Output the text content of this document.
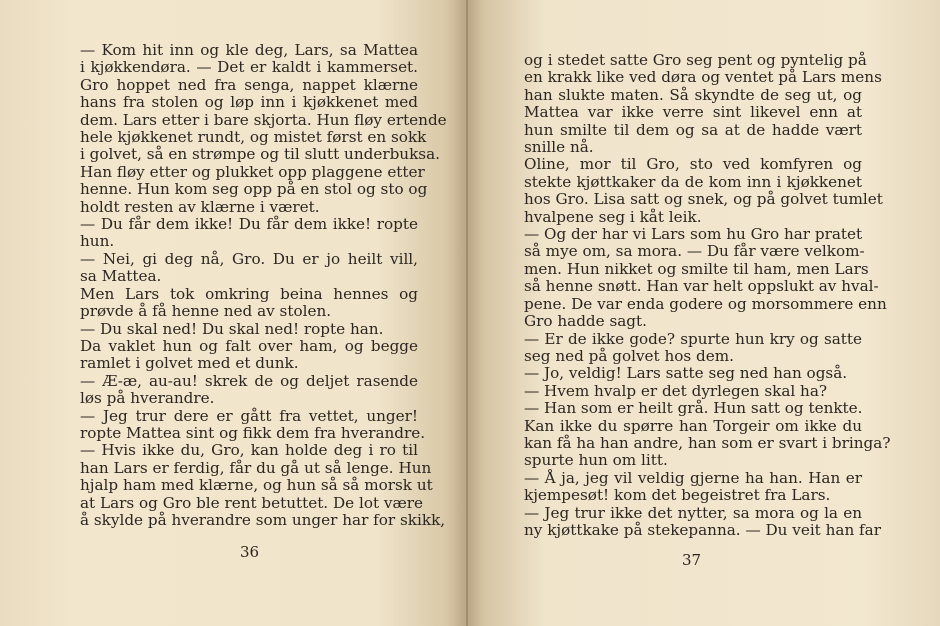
— Kom hit inn og kle deg, Lars, sa Mattea
i kjøkkendøra. — Det er kaldt i kammerset.
Gro hoppet ned fra senga, nappet klærne
hans fra stolen og løp inn i kjøkkenet med
dem. Lars etter i bare skjorta. Hun fløy ertende
hele kjøkkenet rundt, og mistet først en sokk
i golvet, så en strømpe og til slutt underbuksa.
Han fløy etter og plukket opp plaggene etter
henne. Hun kom seg opp på en stol og sto og
holdt resten av klærne i været.
— Du får dem ikke! Du får dem ikke! ropte
hun.
— Nei, gi deg nå, Gro. Du er jo heilt vill,
sa Mattea.
Men Lars tok omkring beina hennes og
prøvde å få henne ned av stolen.
— Du skal ned! Du skal ned! ropte han.
Da vaklet hun og falt over ham, og begge
ramlet i golvet med et dunk.
— Æ-æ, au-au! skrek de og deljet rasende
løs på hverandre.
— Jeg trur dere er gått fra vettet, unger!
ropte Mattea sint og fikk dem fra hverandre.
— Hvis ikke du, Gro, kan holde deg i ro til
han Lars er ferdig, får du gå ut så lenge. Hun
hjalp ham med klærne, og hun så så morsk ut
at Lars og Gro ble rent betuttet. De lot være
å skylde på hverandre som unger har for skikk,
36
og i stedet satte Gro seg pent og pyntelig på
en krakk like ved døra og ventet på Lars mens
han slukte maten. Så skyndte de seg ut, og
Mattea var ikke verre sint likevel enn at
hun smilte til dem og sa at de hadde vært
snille nå.
Oline, mor til Gro, sto ved komfyren og
stekte kjøttkaker da de kom inn i kjøkkenet
hos Gro. Lisa satt og snek, og på golvet tumlet
hvalpene seg i kåt leik.
— Og der har vi Lars som hu Gro har pratet
så mye om, sa mora. — Du får være velkom-
men. Hun nikket og smilte til ham, men Lars
så henne snøtt. Han var helt oppslukt av hval-
pene. De var enda godere og morsommere enn
Gro hadde sagt.
— Er de ikke gode? spurte hun kry og satte
seg ned på golvet hos dem.
— Jo, veldig! Lars satte seg ned han også.
— Hvem hvalp er det dyrlegen skal ha?
— Han som er heilt grå. Hun satt og tenkte.
Kan ikke du spørre han Torgeir om ikke du
kan få ha han andre, han som er svart i bringa?
spurte hun om litt.
— Å ja, jeg vil veldig gjerne ha han. Han er
kjempesøt! kom det begeistret fra Lars.
— Jeg trur ikke det nytter, sa mora og la en
ny kjøttkake på stekepanna. — Du veit han far
37
